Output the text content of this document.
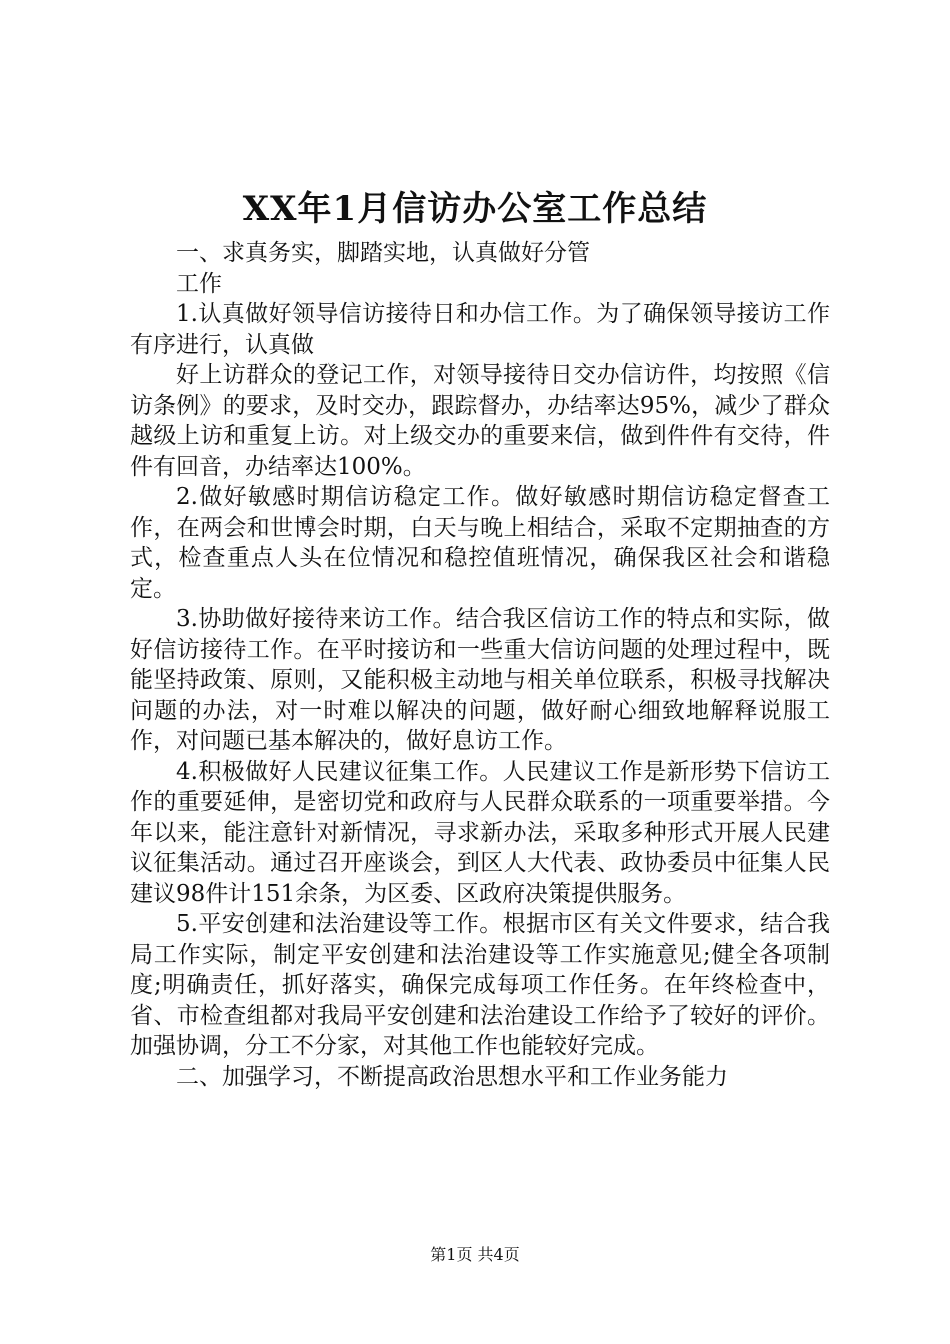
XX年1月信访办公室工作总结

一、求真务实，脚踏实地，认真做好分管

工作

1.认真做好领导信访接待日和办信工作。为了确保领导接访工作有序进行，认真做

好上访群众的登记工作，对领导接待日交办信访件，均按照《信访条例》的要求，及时交办，跟踪督办，办结率达95%，减少了群众越级上访和重复上访。对上级交办的重要来信，做到件件有交待，件件有回音，办结率达100%。

2.做好敏感时期信访稳定工作。做好敏感时期信访稳定督查工作，在两会和世博会时期，白天与晚上相结合，采取不定期抽查的方式，检查重点人头在位情况和稳控值班情况，确保我区社会和谐稳定。

3.协助做好接待来访工作。结合我区信访工作的特点和实际，做好信访接待工作。在平时接访和一些重大信访问题的处理过程中，既能坚持政策、原则，又能积极主动地与相关单位联系，积极寻找解决问题的办法，对一时难以解决的问题，做好耐心细致地解释说服工作，对问题已基本解决的，做好息访工作。

4.积极做好人民建议征集工作。人民建议工作是新形势下信访工作的重要延伸，是密切党和政府与人民群众联系的一项重要举措。今年以来，能注意针对新情况，寻求新办法，采取多种形式开展人民建议征集活动。通过召开座谈会，到区人大代表、政协委员中征集人民建议98件计151余条，为区委、区政府决策提供服务。

5.平安创建和法治建设等工作。根据市区有关文件要求，结合我局工作实际，制定平安创建和法治建设等工作实施意见;健全各项制度;明确责任，抓好落实，确保完成每项工作任务。在年终检查中，省、市检查组都对我局平安创建和法治建设工作给予了较好的评价。加强协调，分工不分家，对其他工作也能较好完成。

二、加强学习，不断提高政治思想水平和工作业务能力

第1页 共4页
